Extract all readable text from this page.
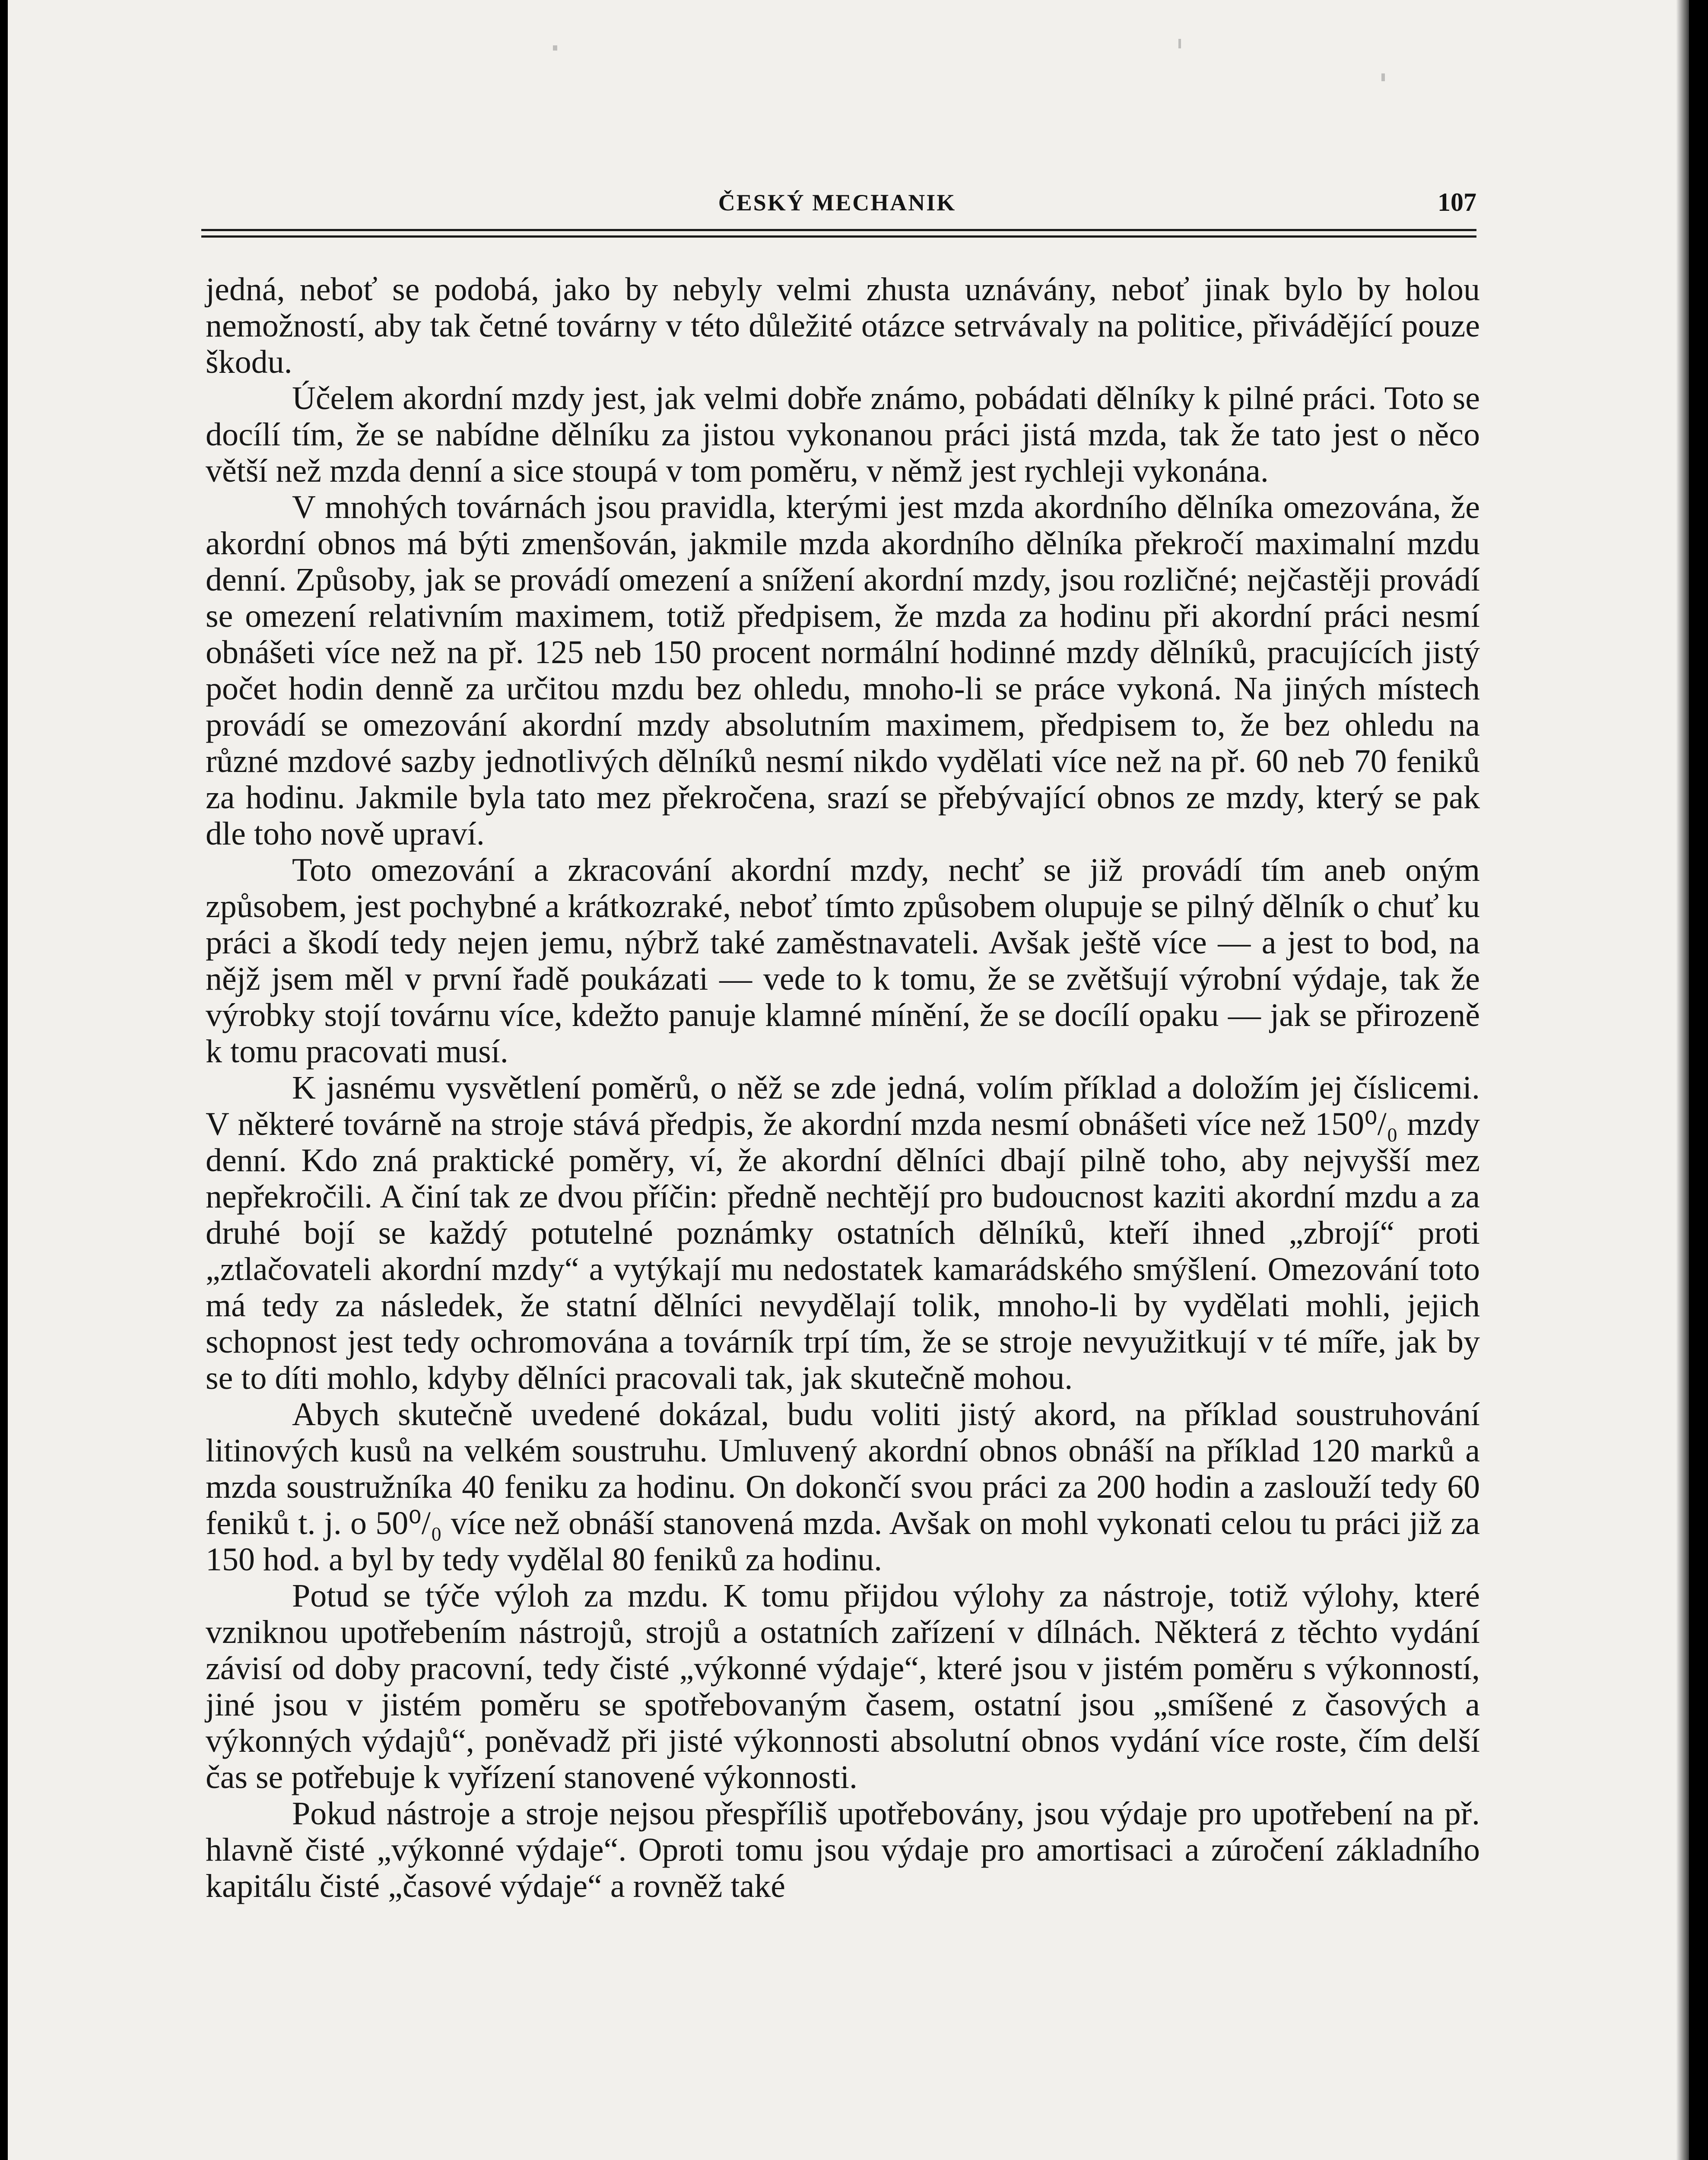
ČESKÝ MECHANIK	107

jedná, neboť se podobá, jako by nebyly velmi zhusta uznávány, neboť jinak bylo by holou nemožností, aby tak četné továrny v této důležité otázce setrvávaly na politice, přivádějící pouze škodu.

Účelem akordní mzdy jest, jak velmi dobře známo, pobádati dělníky k pilné práci. Toto se docílí tím, že se nabídne dělníku za jistou vykonanou práci jistá mzda, tak že tato jest o něco větší než mzda denní a sice stoupá v tom poměru, v němž jest rychleji vykonána.

V mnohých továrnách jsou pravidla, kterými jest mzda akordního dělníka omezována, že akordní obnos má býti zmenšován, jakmile mzda akordního dělníka překročí maximalní mzdu denní. Způsoby, jak se provádí omezení a snížení akordní mzdy, jsou rozličné; nejčastěji provádí se omezení relativním maximem, totiž předpisem, že mzda za hodinu při akordní práci nesmí obnášeti více než na př. 125 neb 150 procent normální hodinné mzdy dělníků, pracujících jistý počet hodin denně za určitou mzdu bez ohledu, mnoho-li se práce vykoná. Na jiných místech provádí se omezování akordní mzdy absolutním maximem, předpisem to, že bez ohledu na různé mzdové sazby jednotlivých dělníků nesmí nikdo vydělati více než na př. 60 neb 70 feniků za hodinu. Jakmile byla tato mez překročena, srazí se přebývající obnos ze mzdy, který se pak dle toho nově upraví.

Toto omezování a zkracování akordní mzdy, nechť se již provádí tím aneb oným způsobem, jest pochybné a krátkozraké, neboť tímto způsobem olupuje se pilný dělník o chuť ku práci a škodí tedy nejen jemu, nýbrž také zaměstnavateli. Avšak ještě více — a jest to bod, na nějž jsem měl v první řadě poukázati — vede to k tomu, že se zvětšují výrobní výdaje, tak že výrobky stojí továrnu více, kdežto panuje klamné mínění, že se docílí opaku — jak se přirozeně k tomu pracovati musí.

K jasnému vysvětlení poměrů, o něž se zde jedná, volím příklad a doložím jej číslicemi. V některé továrně na stroje stává předpis, že akordní mzda nesmí obnášeti více než 150⁰/₀ mzdy denní. Kdo zná praktické poměry, ví, že akordní dělníci dbají pilně toho, aby nejvyšší mez nepřekročili. A činí tak ze dvou příčin: předně nechtějí pro budoucnost kaziti akordní mzdu a za druhé bojí se každý potutelné poznámky ostatních dělníků, kteří ihned „zbrojí“ proti „ztlačovateli akordní mzdy“ a vytýkají mu nedostatek kamarádského smýšlení. Omezování toto má tedy za následek, že statní dělníci nevydělají tolik, mnoho-li by vydělati mohli, jejich schopnost jest tedy ochromována a továrník trpí tím, že se stroje nevyužitkují v té míře, jak by se to díti mohlo, kdyby dělníci pracovali tak, jak skutečně mohou.

Abych skutečně uvedené dokázal, budu voliti jistý akord, na příklad soustruhování litinových kusů na velkém soustruhu. Umluvený akordní obnos obnáší na příklad 120 marků a mzda soustružníka 40 feniku za hodinu. On dokončí svou práci za 200 hodin a zaslouží tedy 60 feniků t. j. o 50⁰/₀ více než obnáší stanovená mzda. Avšak on mohl vykonati celou tu práci již za 150 hod. a byl by tedy vydělal 80 feniků za hodinu.

Potud se týče výloh za mzdu. K tomu přijdou výlohy za nástroje, totiž výlohy, které vzniknou upotřebením nástrojů, strojů a ostatních zařízení v dílnách. Některá z těchto vydání závisí od doby pracovní, tedy čisté „výkonné výdaje“, které jsou v jistém poměru s výkonností, jiné jsou v jistém poměru se spotřebovaným časem, ostatní jsou „smíšené z časových a výkonných výdajů“, poněvadž při jisté výkonnosti absolutní obnos vydání více roste, čím delší čas se potřebuje k vyřízení stanovené výkonnosti.

Pokud nástroje a stroje nejsou přespříliš upotřebovány, jsou výdaje pro upotřebení na př. hlavně čisté „výkonné výdaje“. Oproti tomu jsou výdaje pro amortisaci a zúročení základního kapitálu čisté „časové výdaje“ a rovněž také
